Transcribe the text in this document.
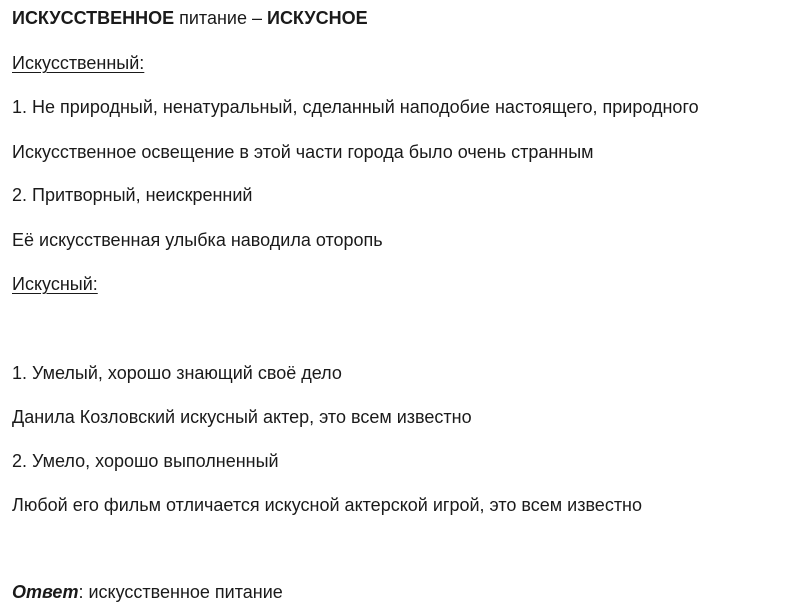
ИСКУССТВЕННОЕ питание – ИСКУСНОЕ
Искусственный:
1. Не природный, ненатуральный, сделанный наподобие настоящего, природного
Искусственное освещение в этой части города было очень странным
2. Притворный, неискренний
Её искусственная улыбка наводила оторопь
Искусный:
1. Умелый, хорошо знающий своё дело
Данила Козловский искусный актер, это всем известно
2. Умело, хорошо выполненный
Любой его фильм отличается искусной актерской игрой, это всем известно
Ответ: искусственное питание
